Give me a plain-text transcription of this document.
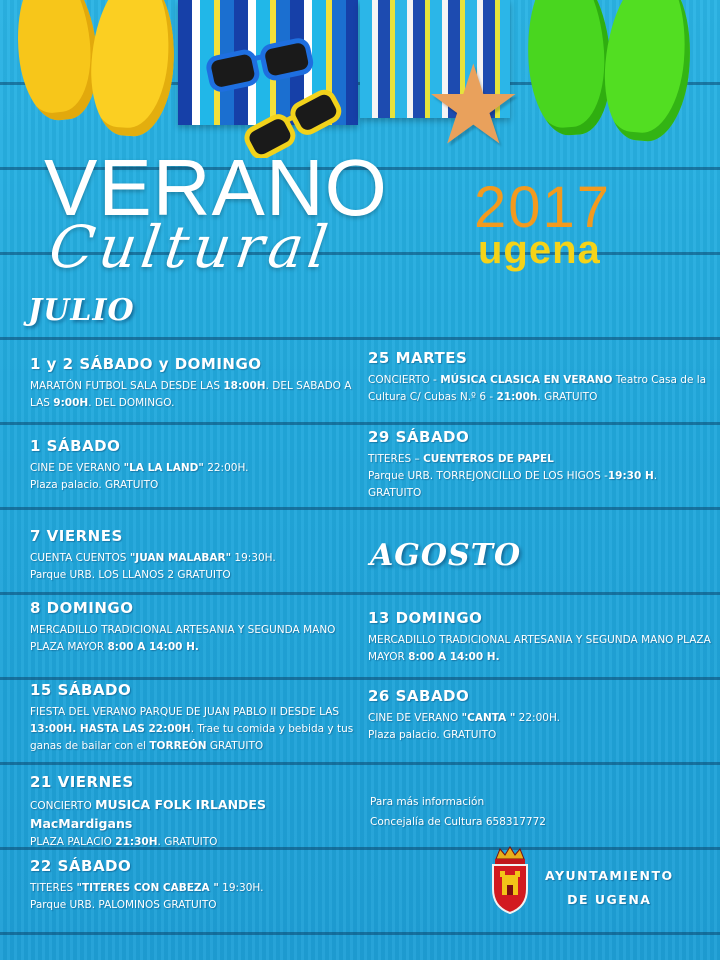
★
VERANO
Cultural
2017
ugena
JULIO
AGOSTO
1 y 2 SÁBADO y DOMINGO
MARATÓN FUTBOL SALA DESDE LAS 18:00H. DEL SABADO A
LAS 9:00H. DEL DOMINGO.
1 SÁBADO
CINE DE VERANO "LA LA LAND" 22:00H.
Plaza palacio. GRATUITO
7 VIERNES
CUENTA CUENTOS "JUAN MALABAR" 19:30H.
Parque URB. LOS LLANOS 2 GRATUITO
8 DOMINGO
MERCADILLO TRADICIONAL ARTESANIA Y SEGUNDA MANO
PLAZA MAYOR 8:00 A 14:00 H.
15 SÁBADO
FIESTA DEL VERANO PARQUE DE JUAN PABLO II DESDE LAS
13:00H. HASTA LAS 22:00H. Trae tu comida y bebida y tus
ganas de bailar con el TORREÓN GRATUITO
21 VIERNES
CONCIERTO MUSICA FOLK IRLANDES MacMardigans
PLAZA PALACIO 21:30H. GRATUITO
22 SÁBADO
TITERES "TITERES CON CABEZA " 19:30H.
Parque URB. PALOMINOS GRATUITO
25 MARTES
CONCIERTO - MÚSICA CLASICA EN VERANO Teatro Casa de la
Cultura C/ Cubas N.º 6 - 21:00h. GRATUITO
29 SÁBADO
TITERES – CUENTEROS DE PAPEL
Parque URB. TORREJONCILLO DE LOS HIGOS -19:30 H.
GRATUITO
13 DOMINGO
MERCADILLO TRADICIONAL ARTESANIA Y SEGUNDA MANO PLAZA
MAYOR 8:00 A 14:00 H.
26 SABADO
CINE DE VERANO "CANTA " 22:00H.
Plaza palacio. GRATUITO
Para más información
Concejalía de Cultura 658317772
AYUNTAMIENTO
DE UGENA
